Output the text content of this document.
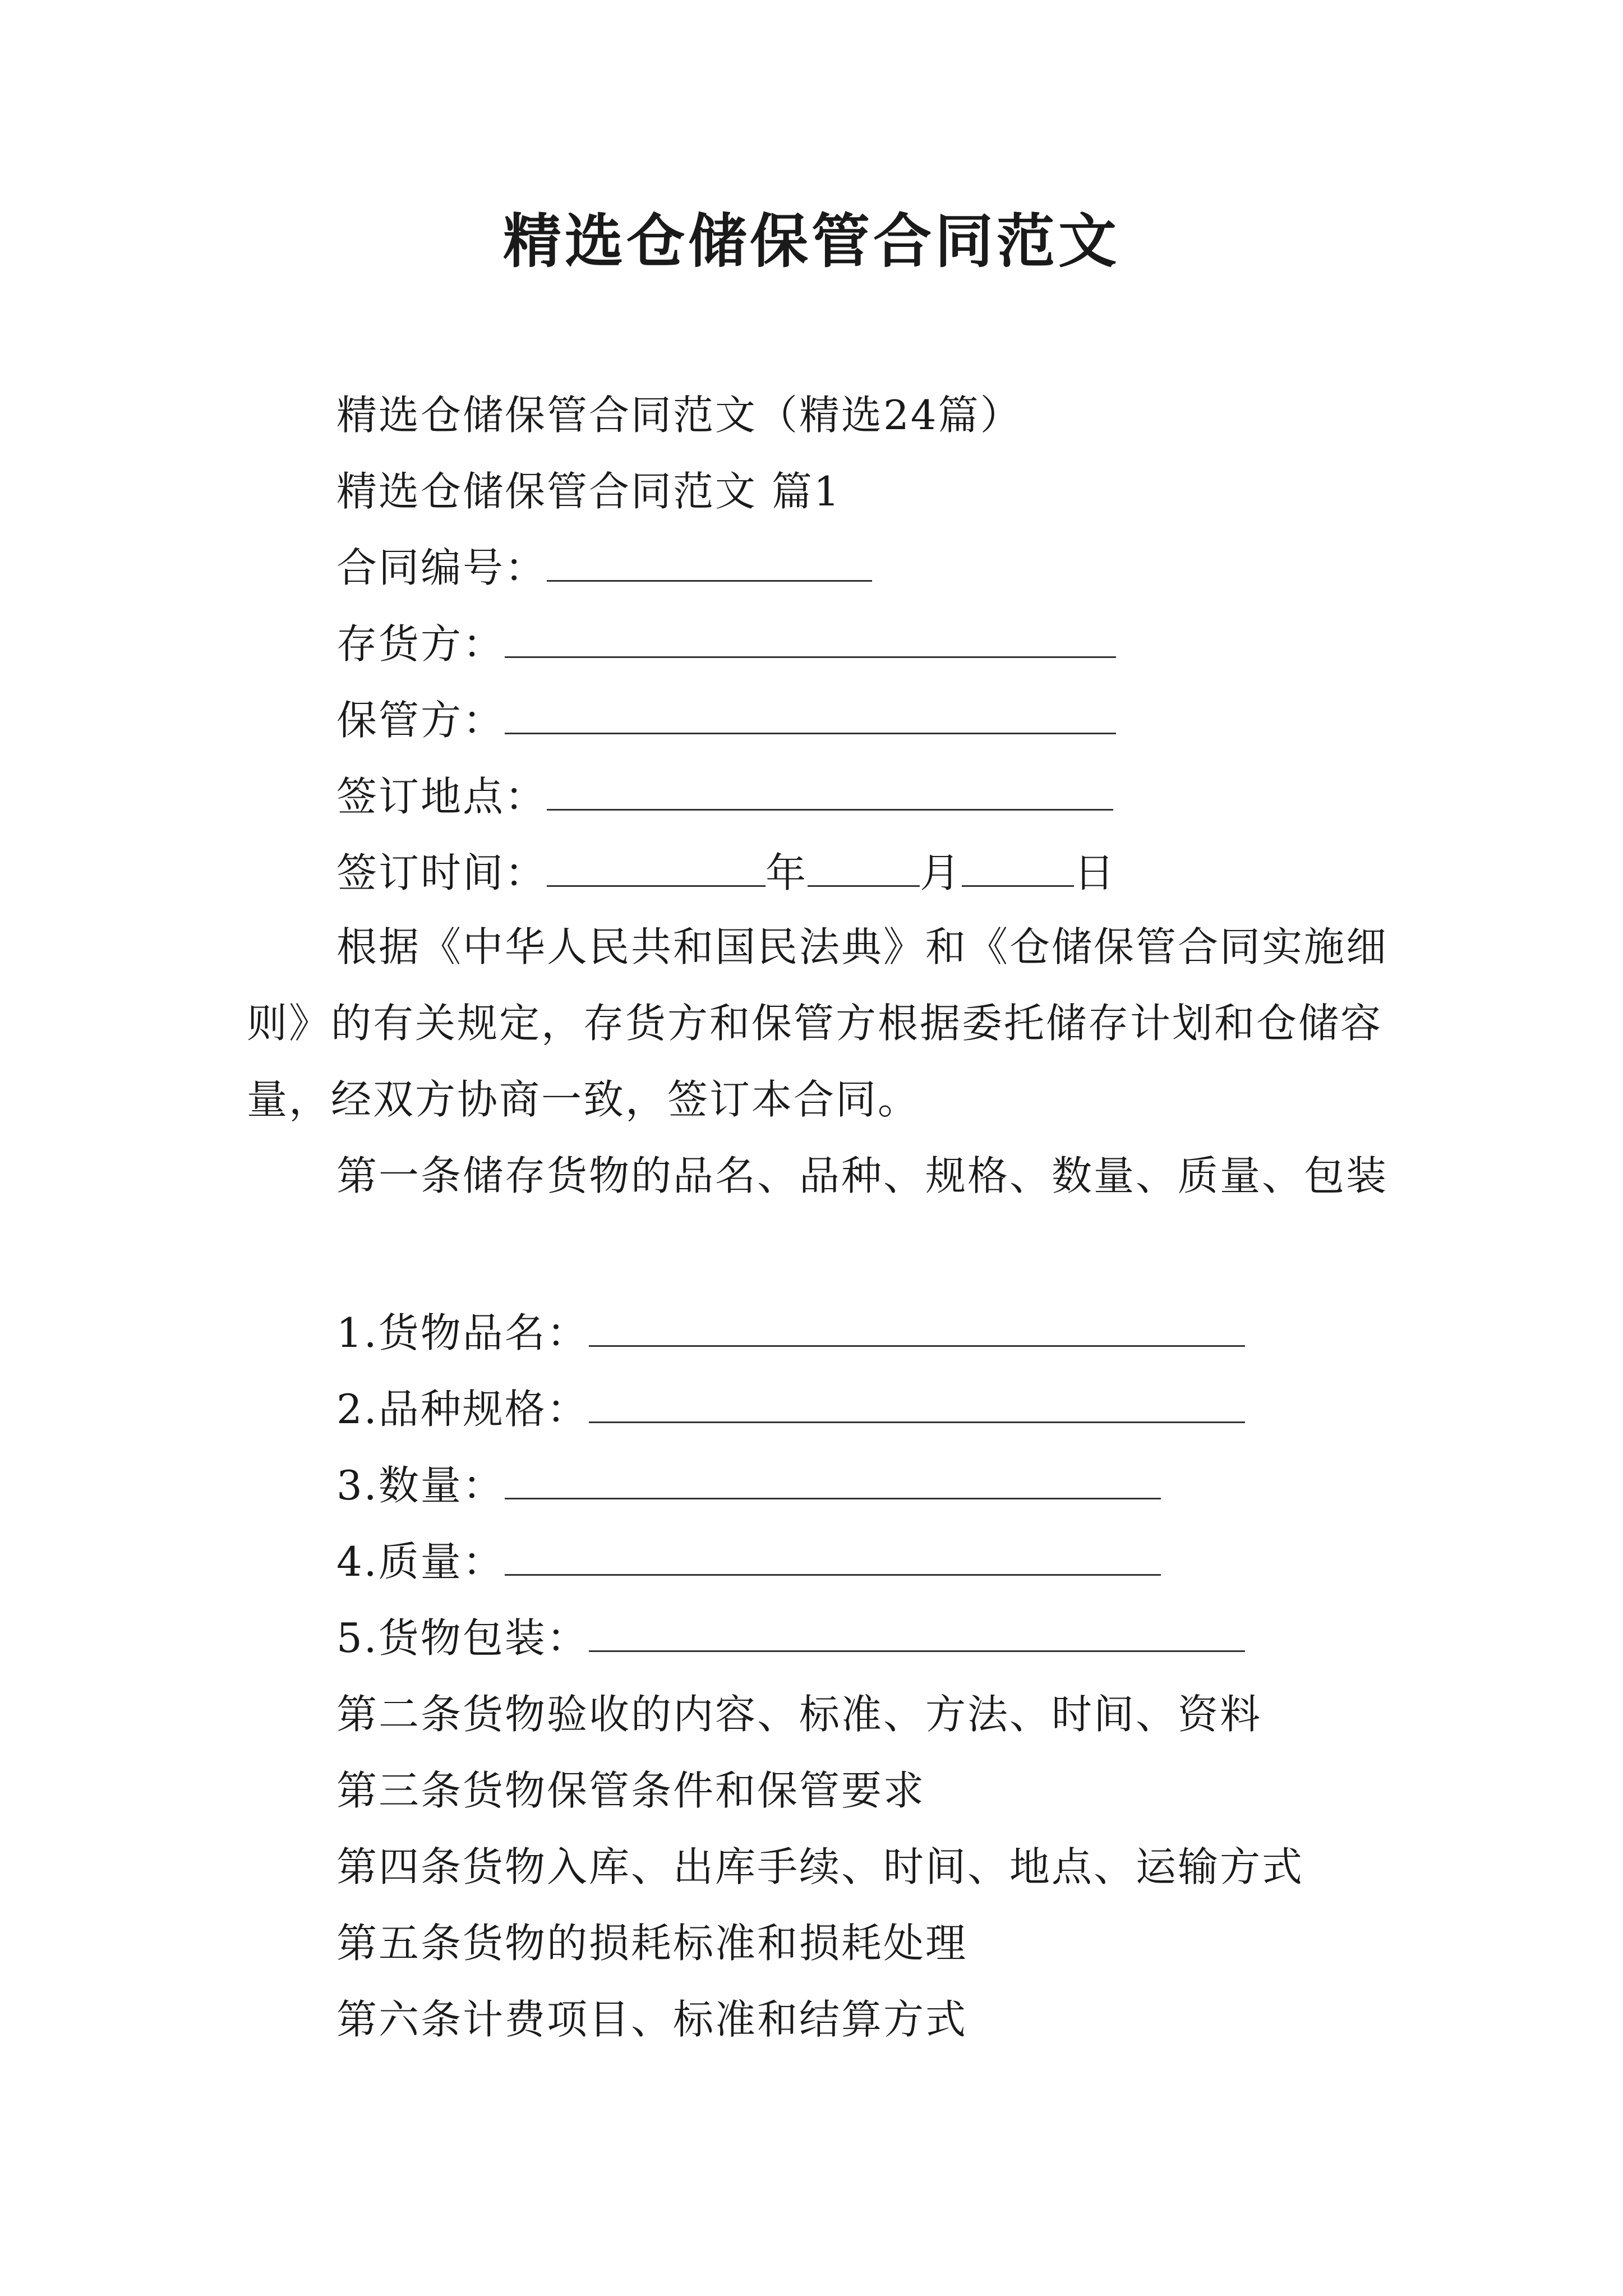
精选仓储保管合同范文
精选仓储保管合同范文（精选24篇）
精选仓储保管合同范文 篇1
合同编号：
存货方：
保管方：
签订地点：
签订时间：	年	月	日
根据《中华人民共和国民法典》和《仓储保管合同实施细则》的有关规定，存货方和保管方根据委托储存计划和仓储容量，经双方协商一致，签订本合同。
第一条储存货物的品名、品种、规格、数量、质量、包装
1.货物品名：
2.品种规格：
3.数量：
4.质量：
5.货物包装：
第二条货物验收的内容、标准、方法、时间、资料
第三条货物保管条件和保管要求
第四条货物入库、出库手续、时间、地点、运输方式
第五条货物的损耗标准和损耗处理
第六条计费项目、标准和结算方式
